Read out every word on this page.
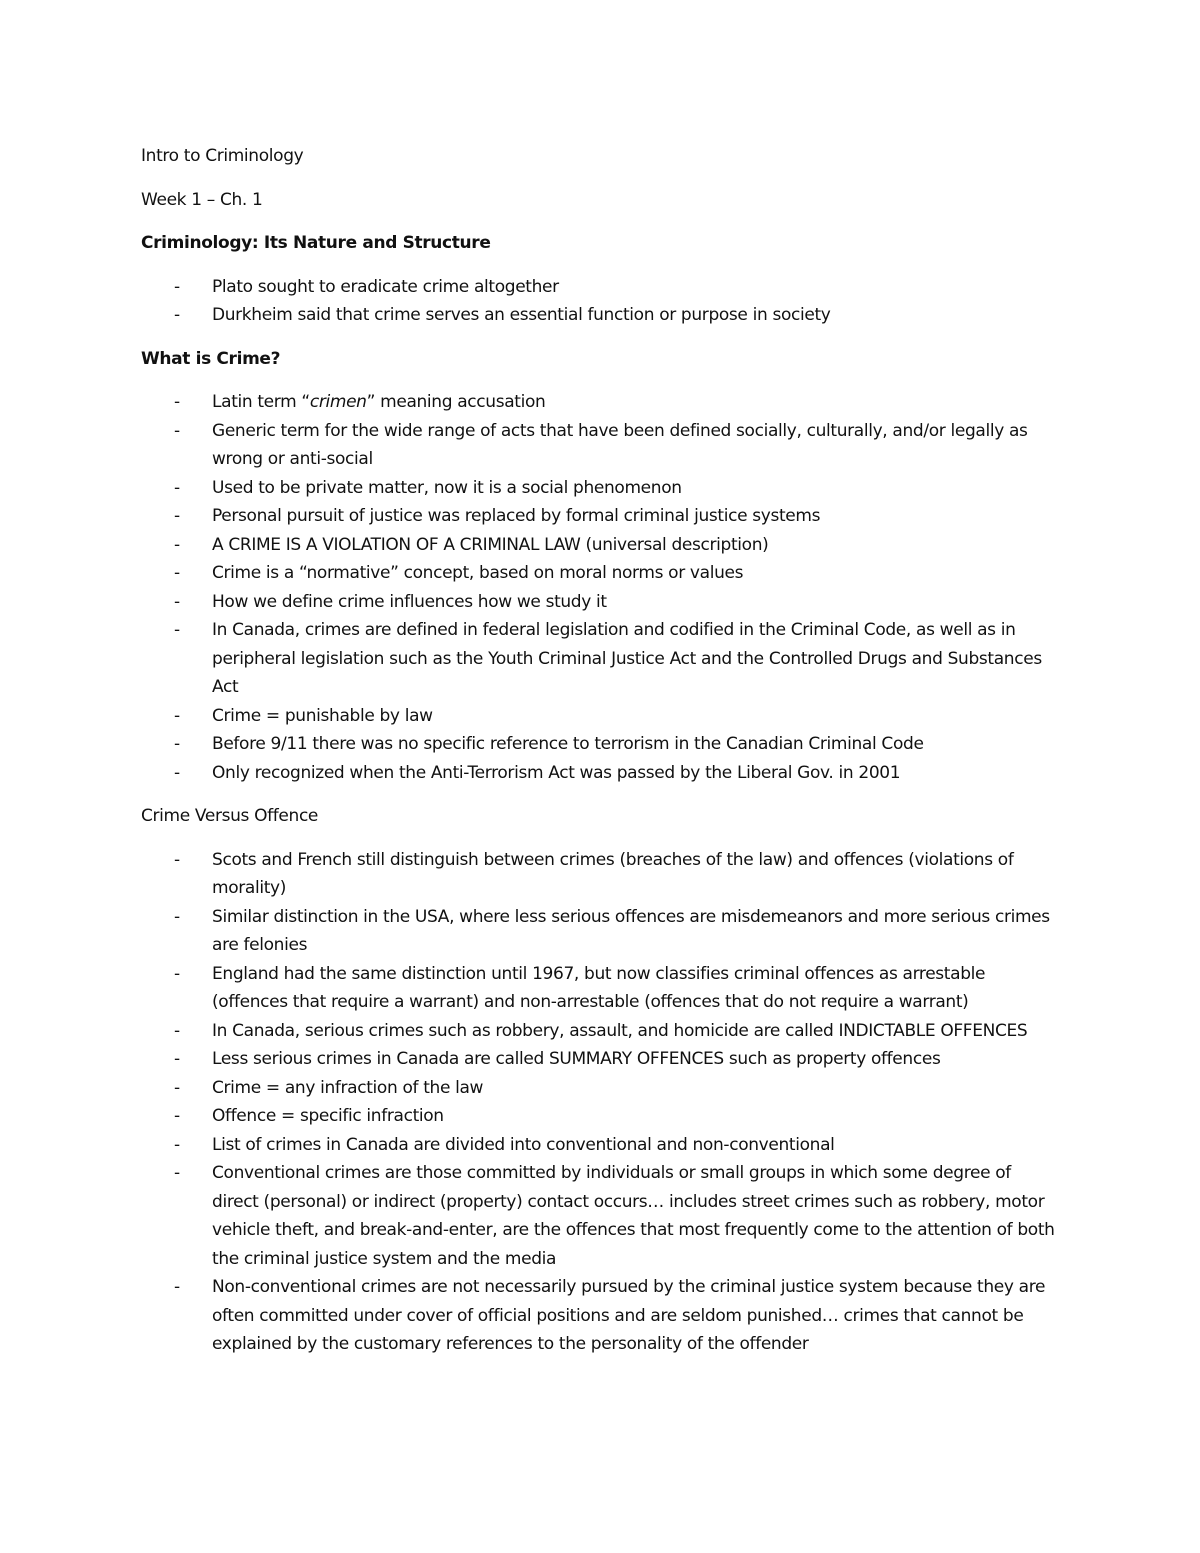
Intro to Criminology

Week 1 – Ch. 1

Criminology: Its Nature and Structure

- Plato sought to eradicate crime altogether
- Durkheim said that crime serves an essential function or purpose in society

What is Crime?

- Latin term “crimen” meaning accusation
- Generic term for the wide range of acts that have been defined socially, culturally, and/or legally as wrong or anti-social
- Used to be private matter, now it is a social phenomenon
- Personal pursuit of justice was replaced by formal criminal justice systems
- A CRIME IS A VIOLATION OF A CRIMINAL LAW (universal description)
- Crime is a “normative” concept, based on moral norms or values
- How we define crime influences how we study it
- In Canada, crimes are defined in federal legislation and codified in the Criminal Code, as well as in peripheral legislation such as the Youth Criminal Justice Act and the Controlled Drugs and Substances Act
- Crime = punishable by law
- Before 9/11 there was no specific reference to terrorism in the Canadian Criminal Code
- Only recognized when the Anti-Terrorism Act was passed by the Liberal Gov. in 2001

Crime Versus Offence

- Scots and French still distinguish between crimes (breaches of the law) and offences (violations of morality)
- Similar distinction in the USA, where less serious offences are misdemeanors and more serious crimes are felonies
- England had the same distinction until 1967, but now classifies criminal offences as arrestable (offences that require a warrant) and non-arrestable (offences that do not require a warrant)
- In Canada, serious crimes such as robbery, assault, and homicide are called INDICTABLE OFFENCES
- Less serious crimes in Canada are called SUMMARY OFFENCES such as property offences
- Crime = any infraction of the law
- Offence = specific infraction
- List of crimes in Canada are divided into conventional and non-conventional
- Conventional crimes are those committed by individuals or small groups in which some degree of direct (personal) or indirect (property) contact occurs… includes street crimes such as robbery, motor vehicle theft, and break-and-enter, are the offences that most frequently come to the attention of both the criminal justice system and the media
- Non-conventional crimes are not necessarily pursued by the criminal justice system because they are often committed under cover of official positions and are seldom punished… crimes that cannot be explained by the customary references to the personality of the offender
